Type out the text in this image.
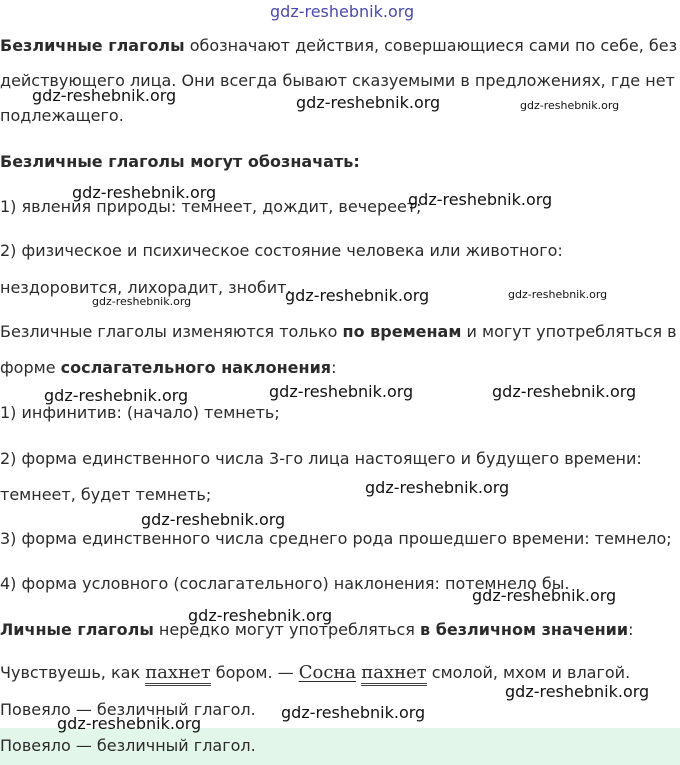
gdz-reshebnik.org
Безличные глаголы обозначают действия, совершающиеся сами по себе, без
действующего лица. Они всегда бывают сказуемыми в предложениях, где нет
подлежащего.
Безличные глаголы могут обозначать:
1) явления природы: темнеет, дождит, вечереет;
2) физическое и психическое состояние человека или животного:
нездоровится, лихорадит, знобит.
Безличные глаголы изменяются только по временам и могут употребляться в
форме сослагательного наклонения:
1) инфинитив: (начало) темнеть;
2) форма единственного числа 3-го лица настоящего и будущего времени:
темнеет, будет темнеть;
3) форма единственного числа среднего рода прошедшего времени: темнело;
4) форма условного (сослагательного) наклонения: потемнело бы.
Личные глаголы нередко могут употребляться в безличном значении:
Чувствуешь, как пахнет бором. — Сосна пахнет смолой, мхом и влагой.
Повеяло — безличный глагол.
Повеяло — безличный глагол.
gdz-reshebnik.org	gdz-reshebnik.org	gdz-reshebnik.org
gdz-reshebnik.org	gdz-reshebnik.org
gdz-reshebnik.org	gdz-reshebnik.org	gdz-reshebnik.org
gdz-reshebnik.org	gdz-reshebnik.org	gdz-reshebnik.org
gdz-reshebnik.org
gdz-reshebnik.org
gdz-reshebnik.org
gdz-reshebnik.org
gdz-reshebnik.org
gdz-reshebnik.org
gdz-reshebnik.org
